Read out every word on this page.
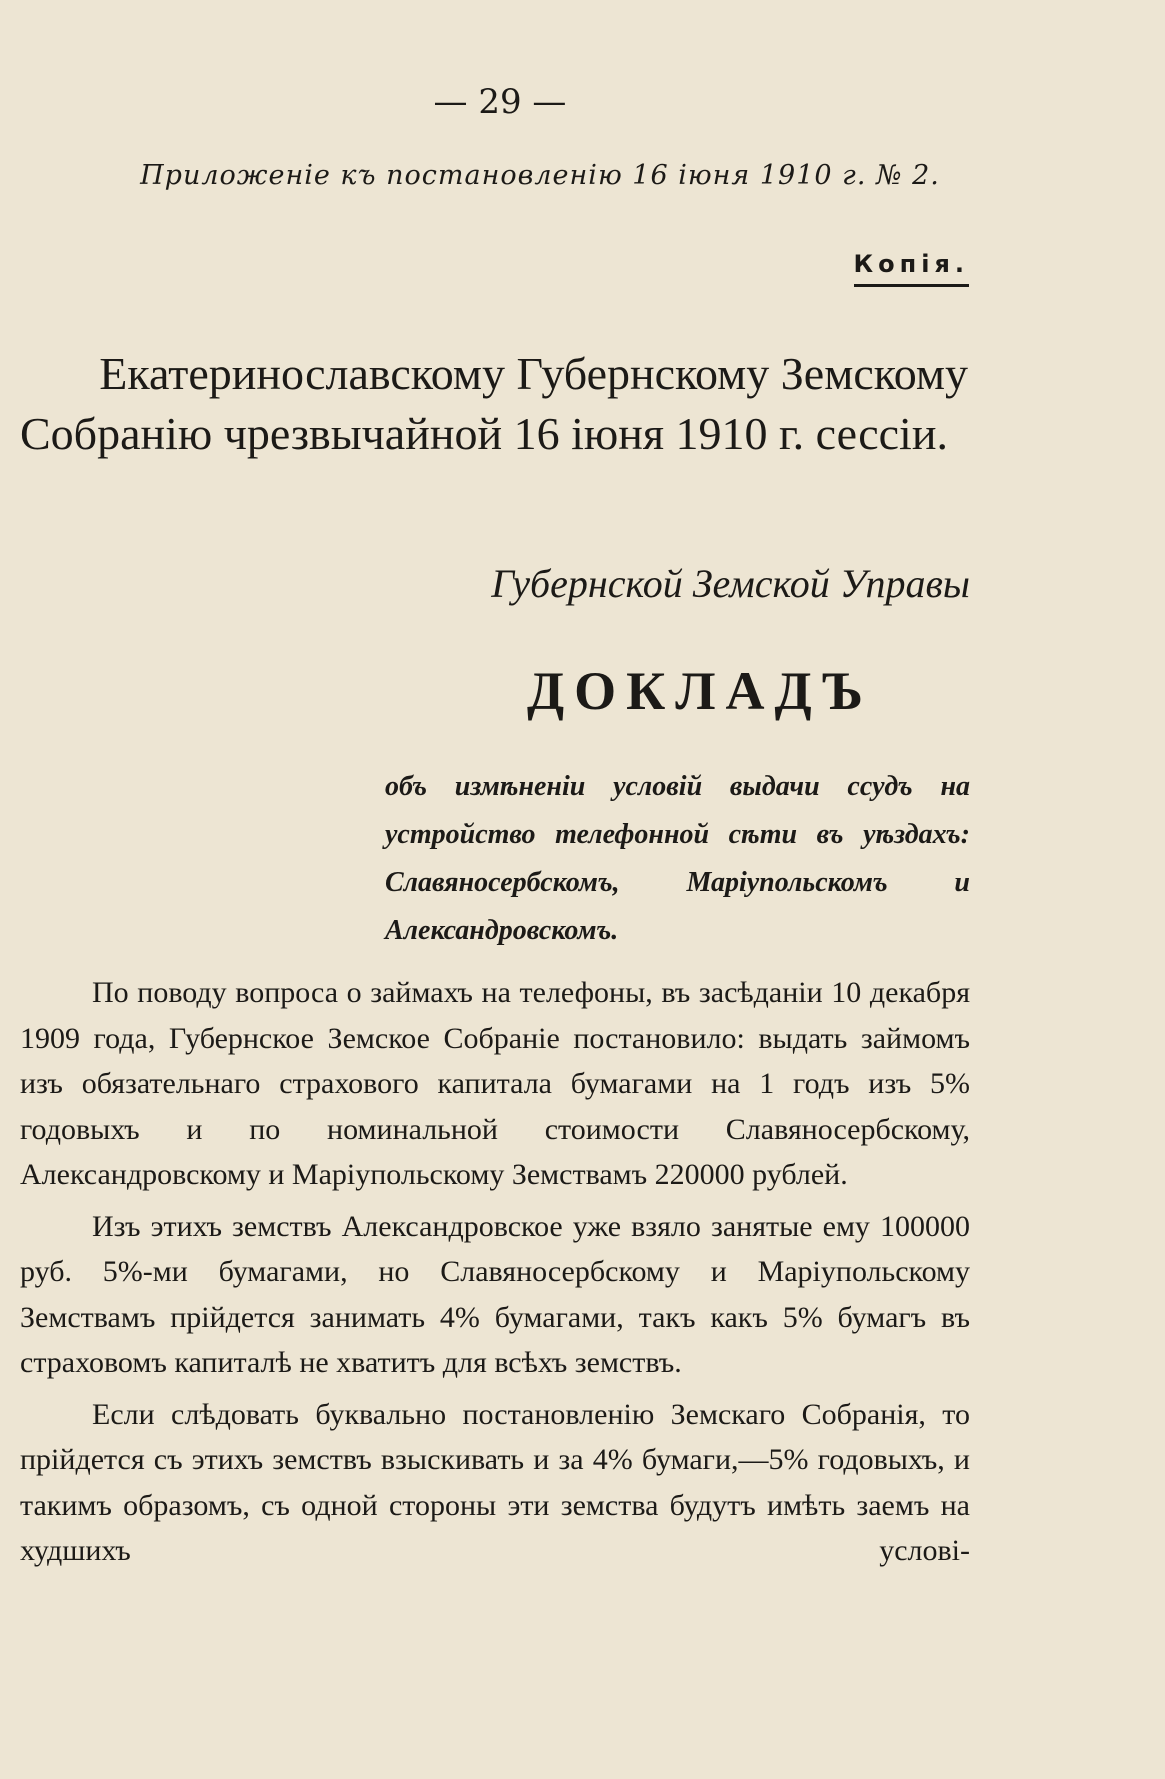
— 29 —
Приложенiе къ постановленiю 16 iюня 1910 г. № 2.
Копiя.
Екатеринославскому Губернскому Земскому
Собранiю чрезвычайной 16 iюня 1910 г. сессiи.
Губернской Земской Управы
ДОКЛАДЪ
объ измѣненiи условiй выдачи ссудъ на устройство телефонной сѣти въ уѣздахъ: Славяносербскомъ, Марiупольскомъ и Александровскомъ.

По поводу вопроса о займахъ на телефоны, въ засѣданiи 10 декабря 1909 года, Губернское Земское Собранiе постановило: выдать займомъ изъ обязательнаго страхового капитала бумагами на 1 годъ изъ 5% годовыхъ и по номинальной стоимости Славяносербскому, Александровскому и Марiупольскому Земствамъ 220000 рублей.

Изъ этихъ земствъ Александровское уже взяло занятые ему 100000 руб. 5%-ми бумагами, но Славяносербскому и Марiупольскому Земствамъ прiйдется занимать 4% бумагами, такъ какъ 5% бумагъ въ страховомъ капиталѣ не хватитъ для всѣхъ земствъ.

Если слѣдовать буквально постановленiю Земскаго Собранiя, то прiйдется съ этихъ земствъ взыскивать и за 4% бумаги,—5% годовыхъ, и такимъ образомъ, съ одной стороны эти земства будутъ имѣть заемъ на худшихъ условi-
